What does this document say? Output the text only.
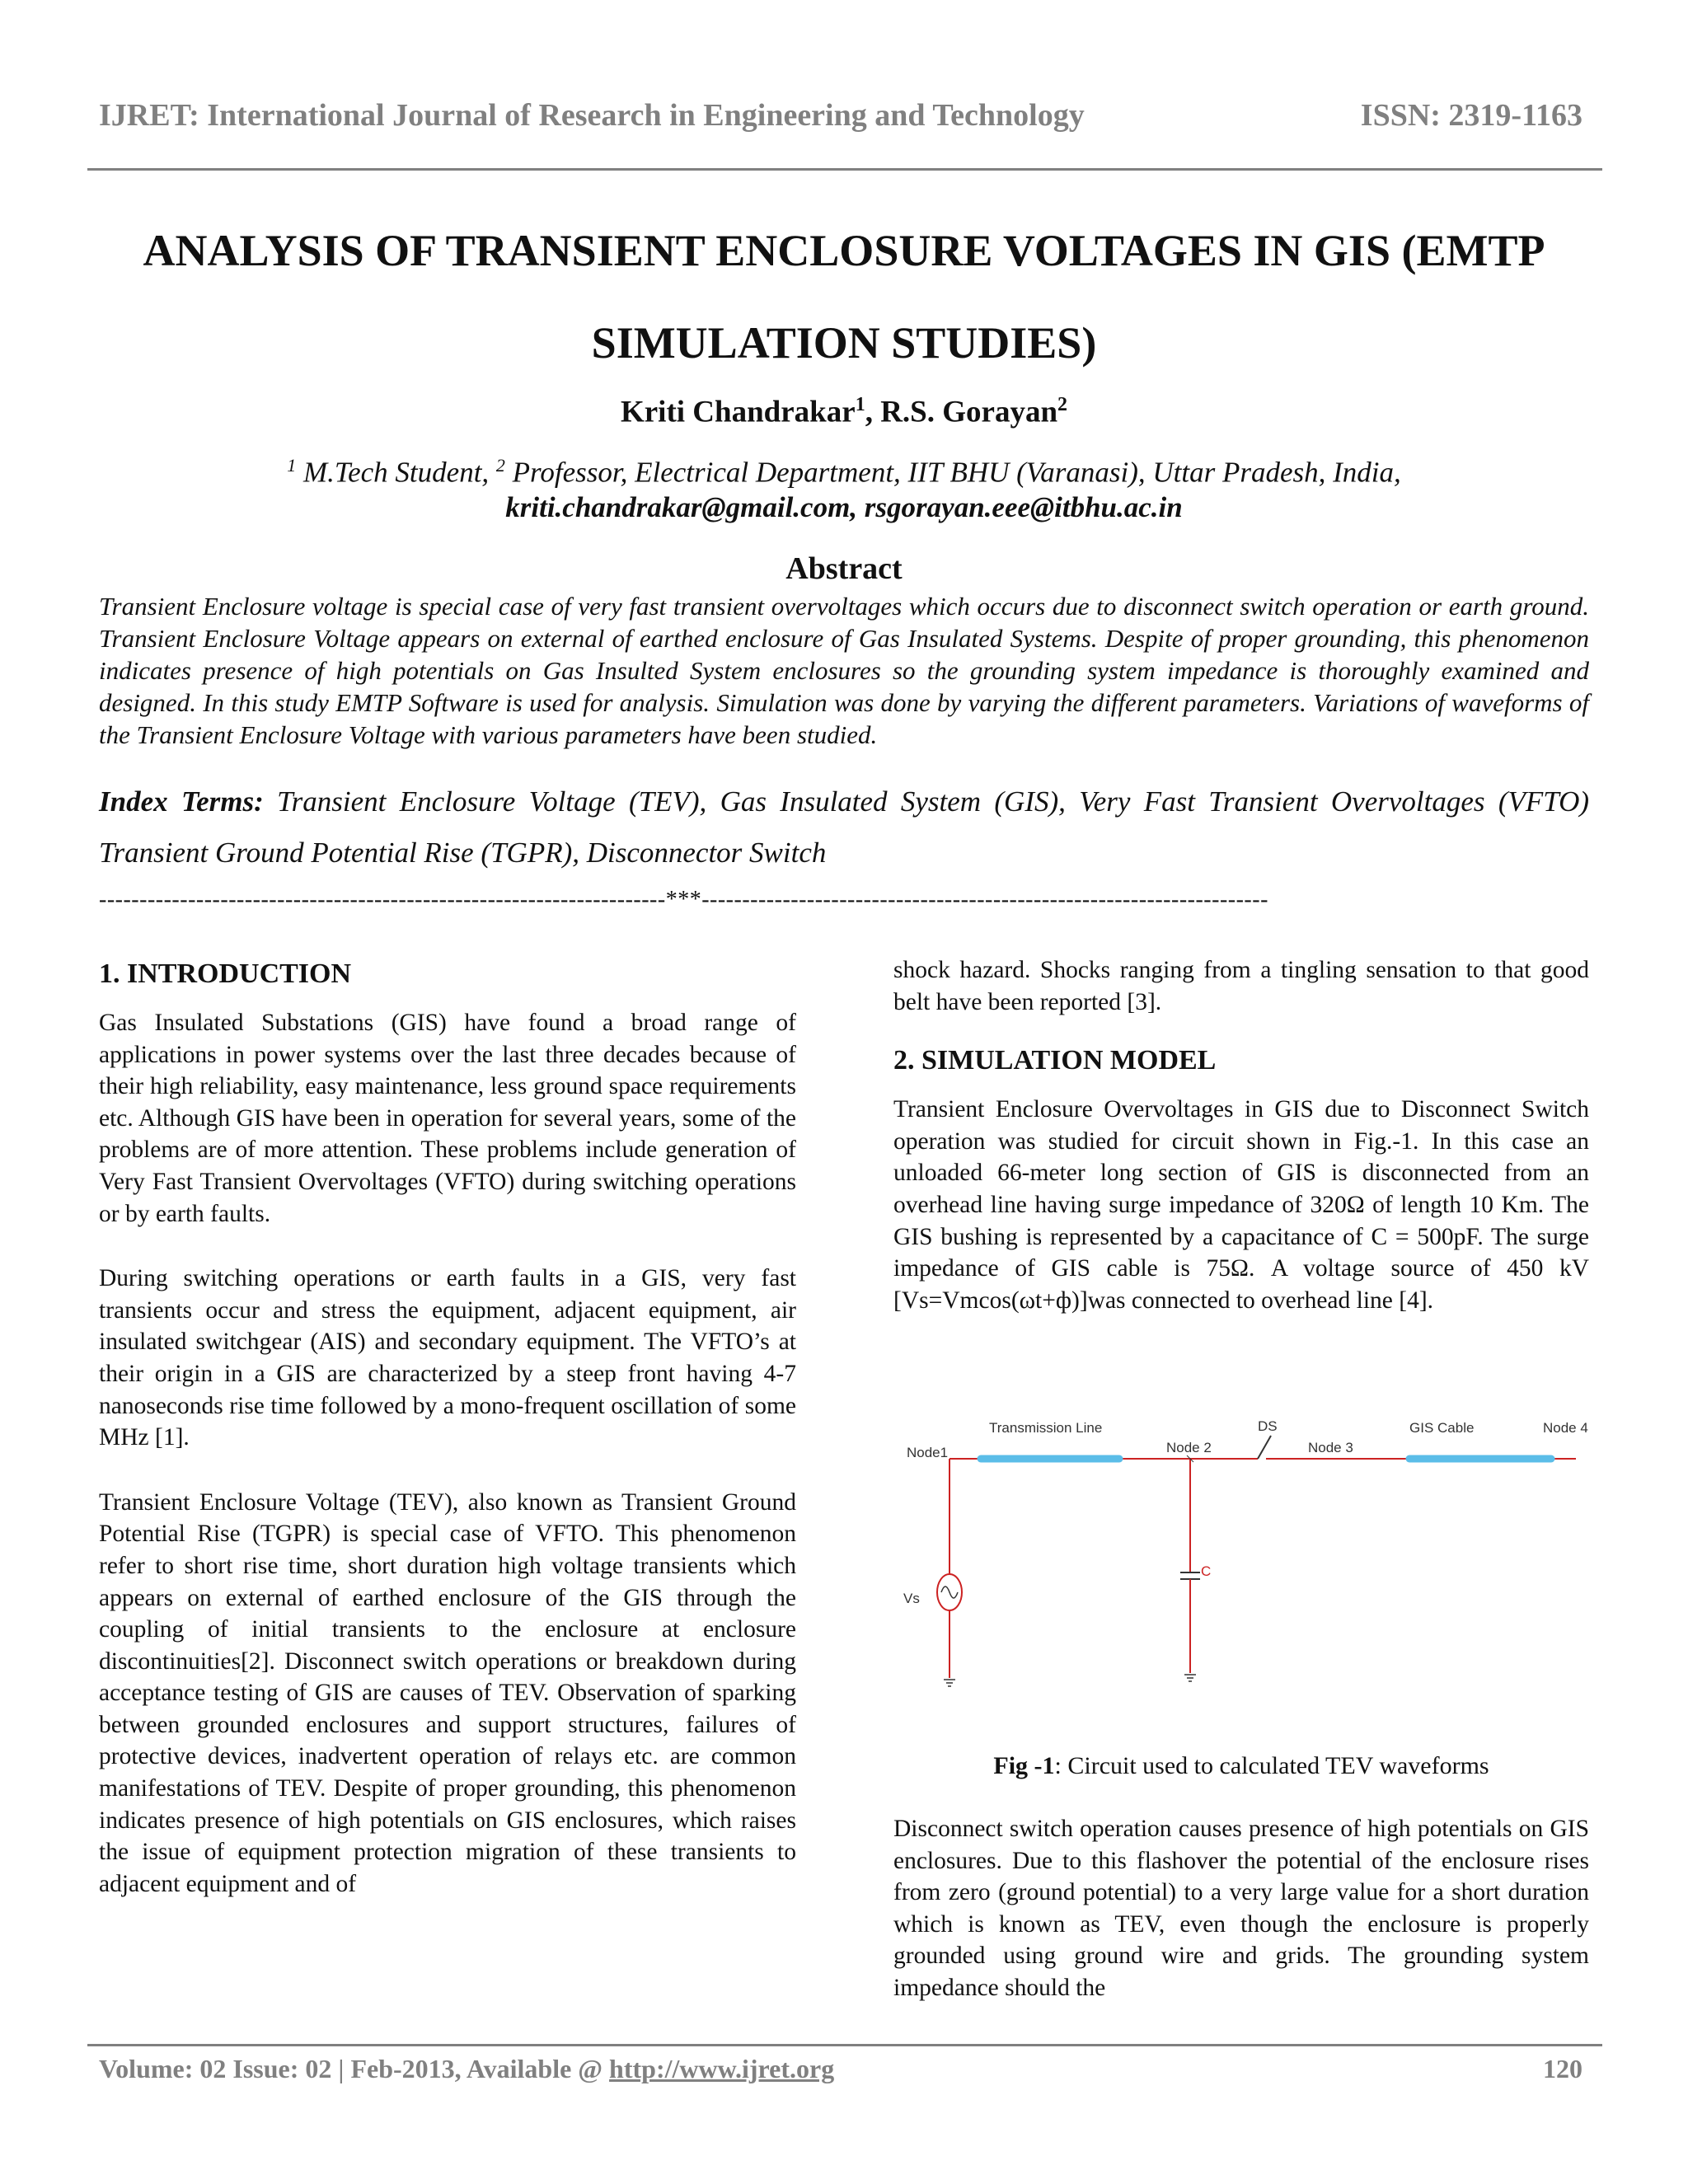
IJRET: International Journal of Research in Engineering and Technology	ISSN: 2319-1163
ANALYSIS OF TRANSIENT ENCLOSURE VOLTAGES IN GIS (EMTP SIMULATION STUDIES)
Kriti Chandrakar$^1$, R.S. Gorayan$^2$
$^1$ M.Tech Student, $^2$ Professor, Electrical Department, IIT BHU (Varanasi), Uttar Pradesh, India,
kriti.chandrakar@gmail.com, rsgorayan.eee@itbhu.ac.in
Abstract
Transient Enclosure voltage is special case of very fast transient overvoltages which occurs due to disconnect switch operation or earth ground. Transient Enclosure Voltage appears on external of earthed enclosure of Gas Insulated Systems. Despite of proper grounding, this phenomenon indicates presence of high potentials on Gas Insulted System enclosures so the grounding system impedance is thoroughly examined and designed. In this study EMTP Software is used for analysis. Simulation was done by varying the different parameters. Variations of waveforms of the Transient Enclosure Voltage with various parameters have been studied.
Index Terms: Transient Enclosure Voltage (TEV), Gas Insulated System (GIS), Very Fast Transient Overvoltages (VFTO) Transient Ground Potential Rise (TGPR), Disconnector Switch
----------------------------------------------------------------------***----------------------------------------------------------------------
1. INTRODUCTION

Gas Insulated Substations (GIS) have found a broad range of applications in power systems over the last three decades because of their high reliability, easy maintenance, less ground space requirements etc. Although GIS have been in operation for several years, some of the problems are of more attention. These problems include generation of Very Fast Transient Overvoltages (VFTO) during switching operations or by earth faults.

During switching operations or earth faults in a GIS, very fast transients occur and stress the equipment, adjacent equipment, air insulated switchgear (AIS) and secondary equipment. The VFTO’s at their origin in a GIS are characterized by a steep front having 4-7 nanoseconds rise time followed by a mono-frequent oscillation of some MHz [1].

Transient Enclosure Voltage (TEV), also known as Transient Ground Potential Rise (TGPR) is special case of VFTO. This phenomenon refer to short rise time, short duration high voltage transients which appears on external of earthed enclosure of the GIS through the coupling of initial transients to the enclosure at enclosure discontinuities[2]. Disconnect switch operations or breakdown during acceptance testing of GIS are causes of TEV. Observation of sparking between grounded enclosures and support structures, failures of protective devices, inadvertent operation of relays etc. are common manifestations of TEV. Despite of proper grounding, this phenomenon indicates presence of high potentials on GIS enclosures, which raises the issue of equipment protection migration of these transients to adjacent equipment and of

shock hazard. Shocks ranging from a tingling sensation to that good belt have been reported [3].

2. SIMULATION MODEL

Transient Enclosure Overvoltages in GIS due to Disconnect Switch operation was studied for circuit shown in Fig.-1. In this case an unloaded 66-meter long section of GIS is disconnected from an overhead line having surge impedance of 320Ω of length 10 Km. The GIS bushing is represented by a capacitance of C = 500pF. The surge impedance of GIS cable is 75Ω. A voltage source of 450 kV [Vs=Vmcos(ωt+ф)]was connected to overhead line [4].

Node1
Transmission Line
Node 2
DS
Node 3
GIS Cable	Node 4
Vs
C
Fig -1: Circuit used to calculated TEV waveforms

Disconnect switch operation causes presence of high potentials on GIS enclosures. Due to this flashover the potential of the enclosure rises from zero (ground potential) to a very large value for a short duration which is known as TEV, even though the enclosure is properly grounded using ground wire and grids. The grounding system impedance should the

Volume: 02 Issue: 02 | Feb-2013, Available @ http://www.ijret.org	120
